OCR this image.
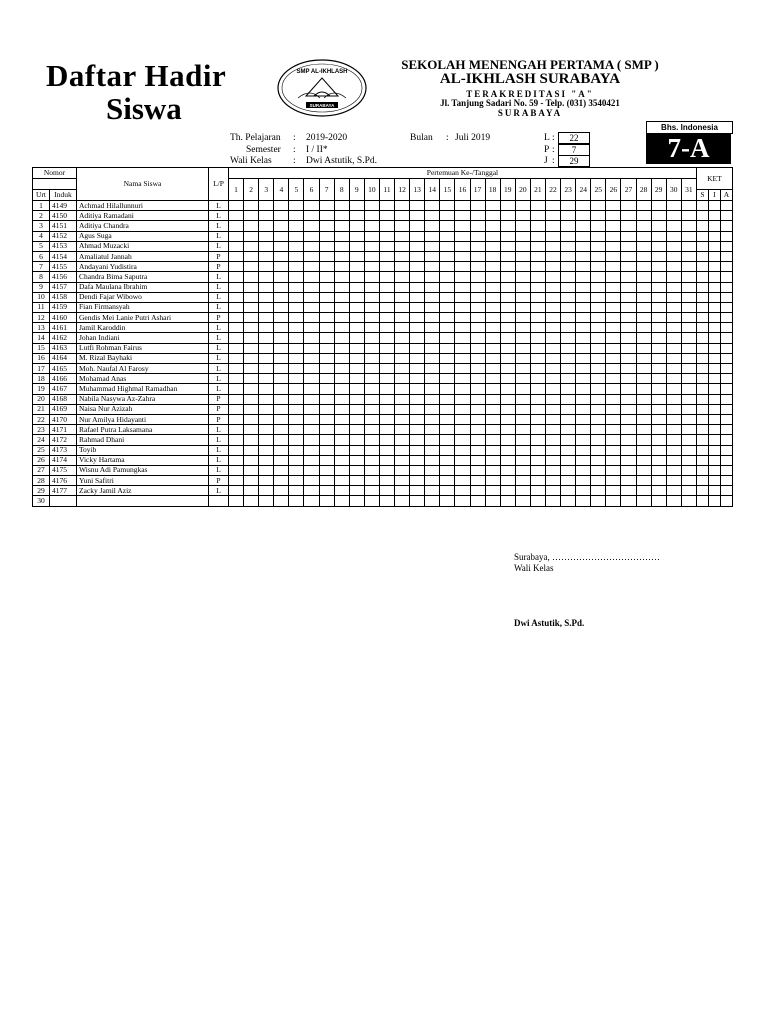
Daftar Hadir
Siswa
SMP AL-IKHLASH
SURABAYA
SEKOLAH MENENGAH PERTAMA ( SMP )
AL-IKHLASH SURABAYA
TERAKREDITASI "A"
Jl. Tanjung Sadari No. 59 - Telp. (031) 3540421
SURABAYA
Bhs. Indonesia
7-A
Th. Pelajaran : 2019-2020
Semester : I / II*
Wali Kelas : Dwi Astutik, S.Pd.
Bulan : Juli 2019	L :	22
P :	7
J :	29
Nomor		Nama Siswa	L/P	Pertemuan Ke-/Tanggal																															KET		
				1	2	3	4	5	6	7	8	9	10	11	12	13	14	15	16	17	18	19	20	21	22	23	24	25	26	27	28	29	30	31			
Urt	Induk																																		S	I	A
1	4149	Achmad Hilallunnuri	L																																		
2	4150	Aditiya Ramadani	L																																		
3	4151	Aditiya Chandra	L																																		
4	4152	Agus Suga	L																																		
5	4153	Ahmad Muzacki	L																																		
6	4154	Amaliatul Jannah	P																																		
7	4155	Andayani Yudistira	P																																		
8	4156	Chandra Bima Saputra	L																																		
9	4157	Dafa Maulana Ibrahim	L																																		
10	4158	Dendi Fajar Wibowo	L																																		
11	4159	Fian Firmansyah	L																																		
12	4160	Gendis Mei Lanie Putri Ashari	P																																		
13	4161	Jamil Karoddin	L																																		
14	4162	Johan Indiani	L																																		
15	4163	Lutfi Rohman Fairus	L																																		
16	4164	M. Rizal Bayhaki	L																																		
17	4165	Moh. Naufal Al Farosy	L																																		
18	4166	Mohamad Anas	L																																		
19	4167	Muhammad Highmal Ramadhan	L																																		
20	4168	Nabila Nasywa Az-Zahra	P																																		
21	4169	Naisa Nur Azizah	P																																		
22	4170	Nur Amilya Hidayanti	P																																		
23	4171	Rafael Putra Laksamana	L																																		
24	4172	Rahmad Dhani	L																																		
25	4173	Toyib	L																																		
26	4174	Vicky Hartama	L																																		
27	4175	Wisnu Adi Pamungkas	L																																		
28	4176	Yuni Safitri	P																																		
29	4177	Zacky Jamil Aziz	L																																		
30																																					
Surabaya, ………………………………
Wali Kelas
Dwi Astutik, S.Pd.
